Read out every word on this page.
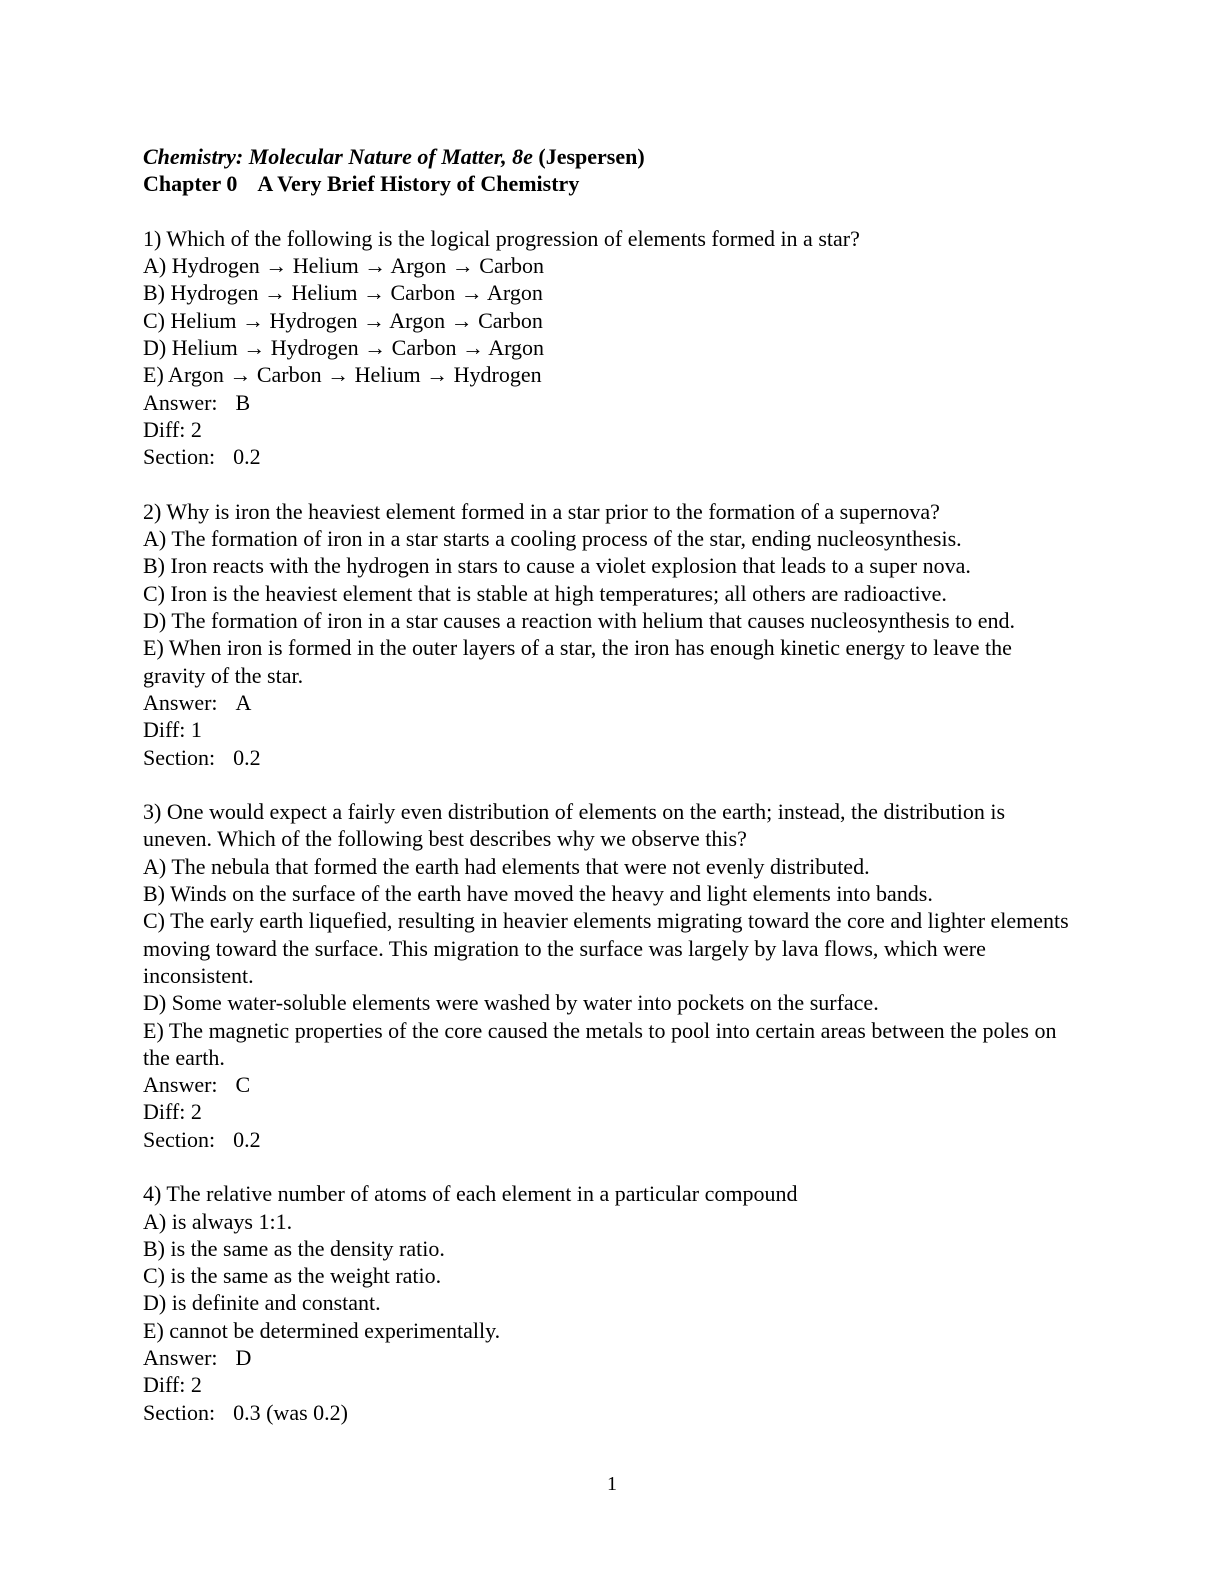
Chemistry: Molecular Nature of Matter, 8e (Jespersen)
Chapter 0 A Very Brief History of Chemistry
1) Which of the following is the logical progression of elements formed in a star?
A) Hydrogen → Helium → Argon → Carbon
B) Hydrogen → Helium → Carbon → Argon
C) Helium → Hydrogen → Argon → Carbon
D) Helium → Hydrogen → Carbon → Argon
E) Argon → Carbon → Helium → Hydrogen
Answer: B
Diff: 2
Section: 0.2
2) Why is iron the heaviest element formed in a star prior to the formation of a supernova?
A) The formation of iron in a star starts a cooling process of the star, ending nucleosynthesis.
B) Iron reacts with the hydrogen in stars to cause a violet explosion that leads to a super nova.
C) Iron is the heaviest element that is stable at high temperatures; all others are radioactive.
D) The formation of iron in a star causes a reaction with helium that causes nucleosynthesis to end.
E) When iron is formed in the outer layers of a star, the iron has enough kinetic energy to leave the gravity of the star.
Answer: A
Diff: 1
Section: 0.2
3) One would expect a fairly even distribution of elements on the earth; instead, the distribution is uneven. Which of the following best describes why we observe this?
A) The nebula that formed the earth had elements that were not evenly distributed.
B) Winds on the surface of the earth have moved the heavy and light elements into bands.
C) The early earth liquefied, resulting in heavier elements migrating toward the core and lighter elements moving toward the surface. This migration to the surface was largely by lava flows, which were inconsistent.
D) Some water-soluble elements were washed by water into pockets on the surface.
E) The magnetic properties of the core caused the metals to pool into certain areas between the poles on the earth.
Answer: C
Diff: 2
Section: 0.2
4) The relative number of atoms of each element in a particular compound
A) is always 1:1.
B) is the same as the density ratio.
C) is the same as the weight ratio.
D) is definite and constant.
E) cannot be determined experimentally.
Answer: D
Diff: 2
Section: 0.3 (was 0.2)
1
